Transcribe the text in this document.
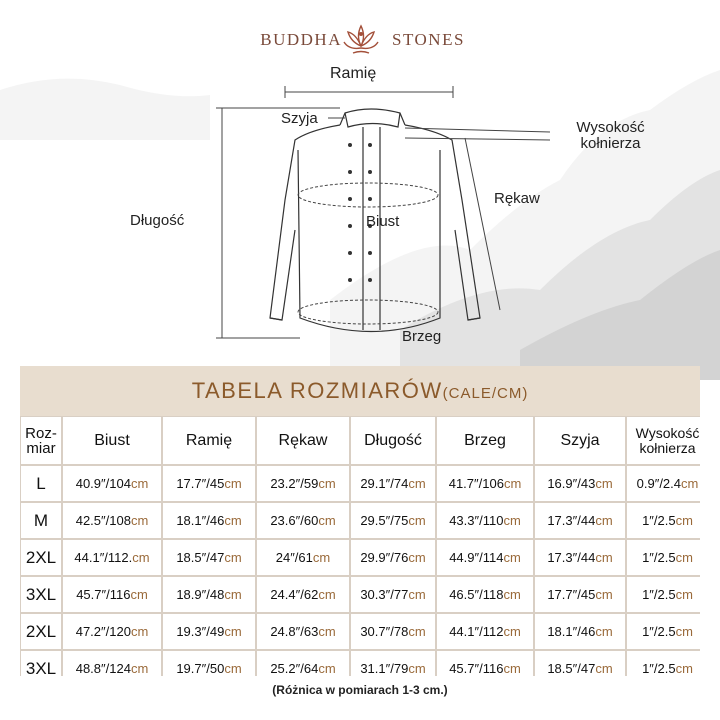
BUDDHA	STONES
Ramię
Szyja
Wysokość kołnierza
Długość
Rękaw
Biust
Brzeg
TABELA ROZMIARÓW(CALE/CM)
Roz-miar	Biust	Ramię	Rękaw	Długość	Brzeg	Szyja	Wysokość kołnierza
L	40.9″/104 cm 17.7″/45 cm 23.2″/59 cm 29.1″/74 cm 41.7″/106 cm 16.9″/43 cm 0.9″/2.4 cm
M	42.5″/108 cm 18.1″/46 cm 23.6″/60 cm 29.5″/75 cm 43.3″/110 cm 17.3″/44 cm 1″/2.5 cm
2XL	44.1″/112. cm 18.5″/47 cm	24″/61 cm 29.9″/76 cm 44.9″/114 cm 17.3″/44 cm 1″/2.5 cm
3XL	45.7″/116 cm 18.9″/48 cm 24.4″/62 cm 30.3″/77 cm 46.5″/118 cm 17.7″/45 cm 1″/2.5 cm
2XL	47.2″/120 cm 19.3″/49 cm 24.8″/63 cm 30.7″/78 cm 44.1″/112 cm 18.1″/46 cm 1″/2.5 cm
3XL	48.8″/124 cm 19.7″/50 cm 25.2″/64 cm 31.1″/79 cm 45.7″/116 cm 18.5″/47 cm 1″/2.5 cm
(Różnica w pomiarach 1-3 cm.)
